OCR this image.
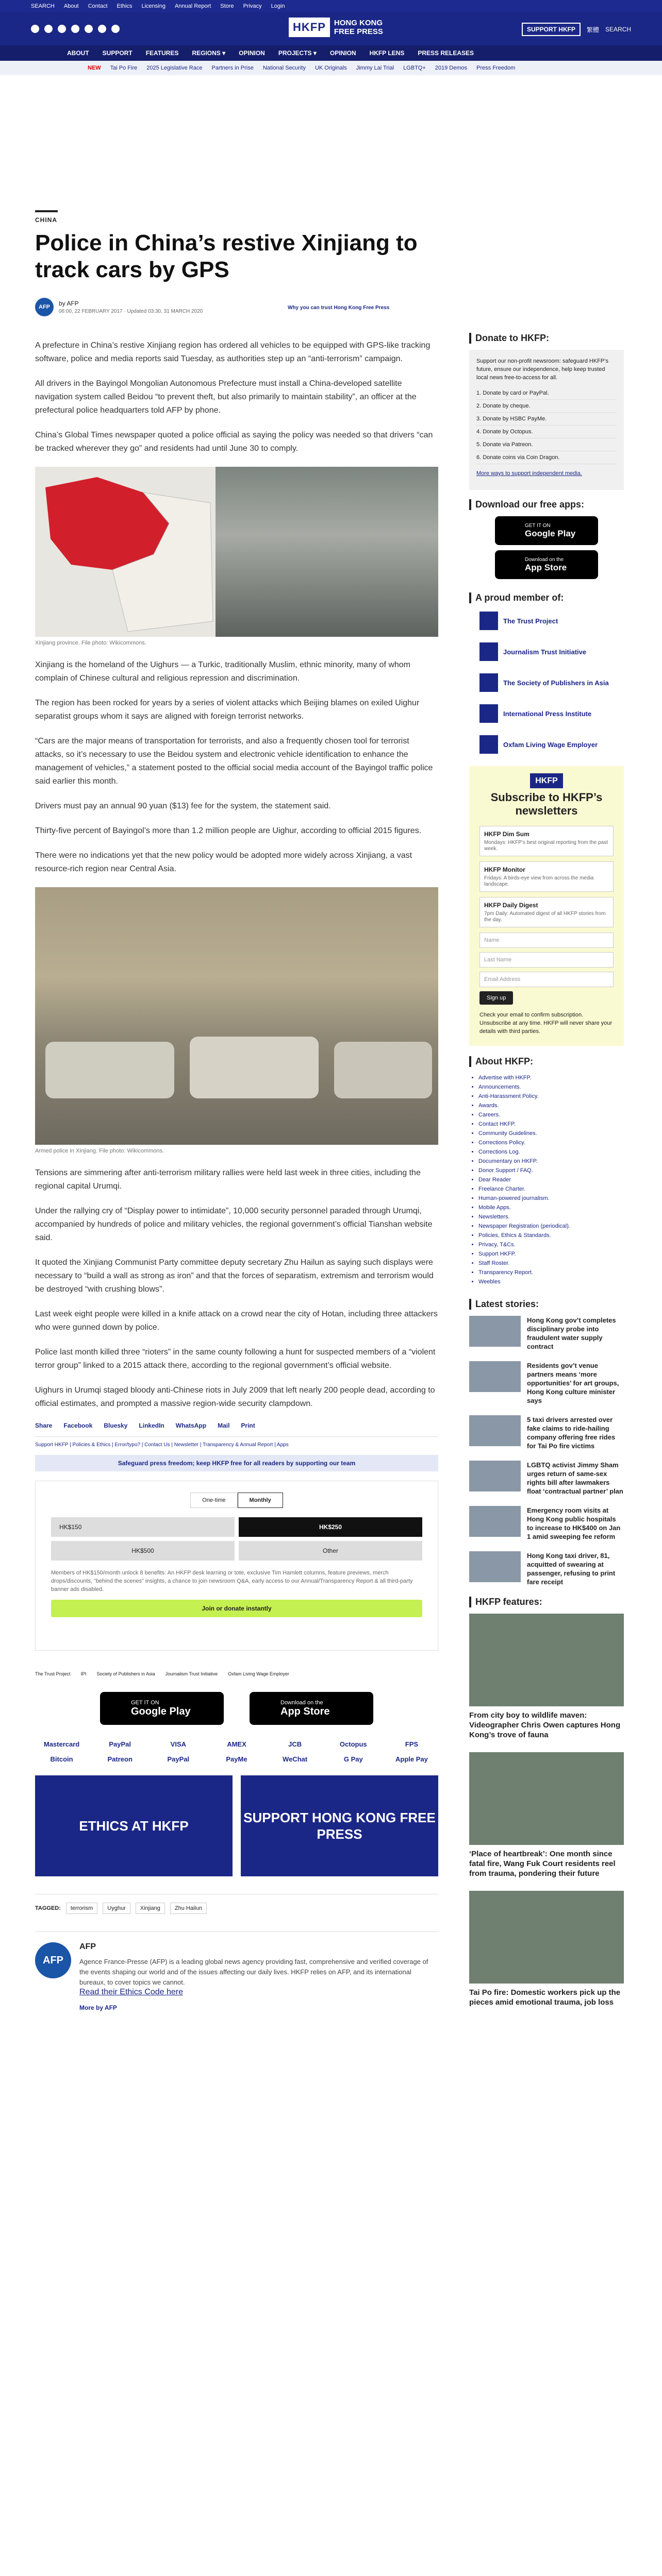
SEARCH About Contact Ethics Licensing Annual Report Store Privacy Login
HKFP	HONG KONG
FREE PRESS	SUPPORT HKFP	繁體 SEARCH
ABOUT SUPPORT FEATURES REGIONS ▾ OPINION PROJECTS ▾ OPINION HKFP LENS PRESS RELEASES
NEW Tai Po Fire 2025 Legislative Race Partners in Prise National Security UK Originals Jimmy Lai Trial LGBTQ+ 2019 Demos Press Freedom
CHINA
Police in China’s restive Xinjiang to track cars by GPS
AFP	by AFP
06:00, 22 FEBRUARY 2017 · Updated 03:30, 31 MARCH 2020
Why you can trust Hong Kong Free Press

A prefecture in China’s restive Xinjiang region has ordered all vehicles to be equipped with GPS-like tracking software, police and media reports said Tuesday, as authorities step up an “anti-terrorism” campaign.

All drivers in the Bayingol Mongolian Autonomous Prefecture must install a China-developed satellite navigation system called Beidou “to prevent theft, but also primarily to maintain stability”, an officer at the prefectural police headquarters told AFP by phone.

China’s Global Times newspaper quoted a police official as saying the policy was needed so that drivers “can be tracked wherever they go” and residents had until June 30 to comply.

Xinjiang province. File photo: Wikicommons.

Xinjiang is the homeland of the Uighurs — a Turkic, traditionally Muslim, ethnic minority, many of whom complain of Chinese cultural and religious repression and discrimination.

The region has been rocked for years by a series of violent attacks which Beijing blames on exiled Uighur separatist groups whom it says are aligned with foreign terrorist networks.

“Cars are the major means of transportation for terrorists, and also a frequently chosen tool for terrorist attacks, so it’s necessary to use the Beidou system and electronic vehicle identification to enhance the management of vehicles,” a statement posted to the official social media account of the Bayingol traffic police said earlier this month.

Drivers must pay an annual 90 yuan ($13) fee for the system, the statement said.

Thirty-five percent of Bayingol’s more than 1.2 million people are Uighur, according to official 2015 figures.

There were no indications yet that the new policy would be adopted more widely across Xinjiang, a vast resource-rich region near Central Asia.

Armed police in Xinjiang. File photo: Wikicommons.

Tensions are simmering after anti-terrorism military rallies were held last week in three cities, including the regional capital Urumqi.

Under the rallying cry of “Display power to intimidate”, 10,000 security personnel paraded through Urumqi, accompanied by hundreds of police and military vehicles, the regional government’s official Tianshan website said.

It quoted the Xinjiang Communist Party committee deputy secretary Zhu Hailun as saying such displays were necessary to “build a wall as strong as iron” and that the forces of separatism, extremism and terrorism would be destroyed “with crushing blows”.

Last week eight people were killed in a knife attack on a crowd near the city of Hotan, including three attackers who were gunned down by police.

Police last month killed three “rioters” in the same county following a hunt for suspected members of a “violent terror group” linked to a 2015 attack there, according to the regional government’s official website.

Uighurs in Urumqi staged bloody anti-Chinese riots in July 2009 that left nearly 200 people dead, according to official estimates, and prompted a massive region-wide security clampdown.

Share Facebook Bluesky LinkedIn WhatsApp Mail Print
Support HKFP | Policies & Ethics | Error/typo? | Contact Us | Newsletter | Transparency & Annual Report | Apps
Safeguard press freedom; keep HKFP free for all readers by supporting our team
One-time	Monthly
HK$150	HK$250
HK$500	Other
Members of HK$150/month unlock 8 benefits: An HKFP desk learning or tote, exclusive Tim Hamlett columns, feature previews, merch drops/discounts, “behind the scenes” insights, a chance to join newsroom Q&A, early access to our Annual/Transparency Report & all third-party banner ads disabled.
Join or donate instantly
The Trust Project IPI Society of Publishers in Asia Journalism Trust Initiative Oxfam Living Wage Employer
GET IT ON
Google Play
Download on the
App Store
Mastercard	PayPal	VISA	AMEX	JCB	Octopus	FPS
Bitcoin	Patreon	PayPal	PayMe	WeChat	G Pay	Apple Pay
ETHICS AT HKFP
SUPPORT HONG KONG FREE PRESS
TAGGED:	terrorism	Uyghur	Xinjiang	Zhu Hailun
AFP
AFP
Agence France-Presse (AFP) is a leading global news agency providing fast, comprehensive and verified coverage of the events shaping our world and of the issues affecting our daily lives. HKFP relies on AFP, and its international bureaux, to cover topics we cannot.
Read their Ethics Code here
More by AFP
Donate to HKFP:

Support our non-profit newsroom: safeguard HKFP’s future, ensure our independence, help keep trusted local news free-to-access for all.

1. Donate by card or PayPal.
2. Donate by cheque.
3. Donate by HSBC PayMe.
4. Donate by Octopus.
5. Donate via Patreon.
6. Donate coins via Coin Dragon.

More ways to support independent media.

Download our free apps:
GET IT ON
Google Play
Download on the
App Store
A proud member of:
The Trust Project
Journalism Trust Initiative
The Society of Publishers in Asia
International Press Institute
Oxfam Living Wage Employer
HKFP
Subscribe to HKFP’s newsletters
HKFP Dim Sum
Mondays: HKFP’s best original reporting from the past week.
HKFP Monitor
Fridays: A birds-eye view from across the media landscape.
HKFP Daily Digest
7pm Daily: Automated digest of all HKFP stories from the day.
Name
Last Name
Email Address
Sign up

Check your email to confirm subscription. Unsubscribe at any time. HKFP will never share your details with third parties.

About HKFP:
• Advertise with HKFP.
• Announcements.
• Anti-Harassment Policy.
• Awards.
• Careers.
• Contact HKFP.
• Community Guidelines.
• Corrections Policy.
• Corrections Log.
• Documentary on HKFP.
• Donor Support / FAQ.
• Dear Reader
• Freelance Charter.
• Human-powered journalism.
• Mobile Apps.
• Newsletters.
• Newspaper Registration (periodical).
• Policies, Ethics & Standards.
• Privacy, T&Cs.
• Support HKFP.
• Staff Roster.
• Transparency Report.
• Weebles
Latest stories:
Hong Kong gov’t completes disciplinary probe into fraudulent water supply contract
Residents gov’t venue partners means ‘more opportunities’ for art groups, Hong Kong culture minister says
5 taxi drivers arrested over fake claims to ride-hailing company offering free rides for Tai Po fire victims
LGBTQ activist Jimmy Sham urges return of same-sex rights bill after lawmakers float ‘contractual partner’ plan
Emergency room visits at Hong Kong public hospitals to increase to HK$400 on Jan 1 amid sweeping fee reform
Hong Kong taxi driver, 81, acquitted of swearing at passenger, refusing to print fare receipt
HKFP features:
From city boy to wildlife maven: Videographer Chris Owen captures Hong Kong’s trove of fauna
‘Place of heartbreak’: One month since fatal fire, Wang Fuk Court residents reel from trauma, pondering their future
Tai Po fire: Domestic workers pick up the pieces amid emotional trauma, job loss
